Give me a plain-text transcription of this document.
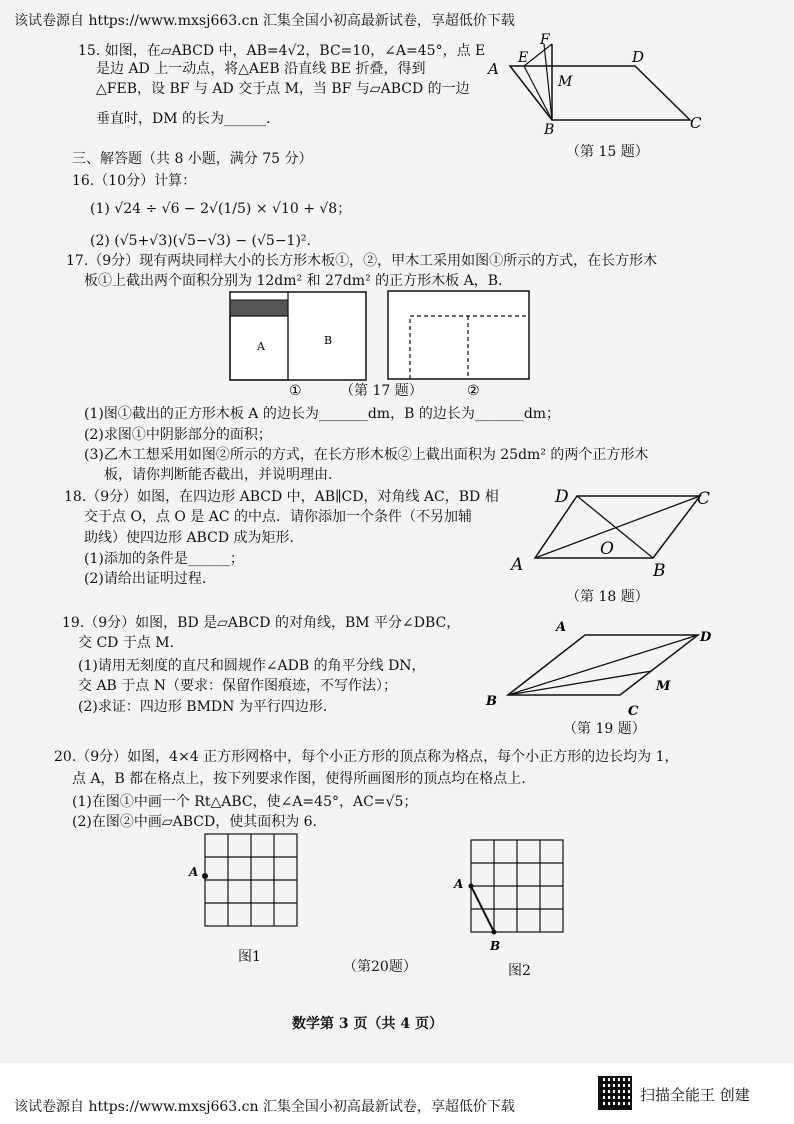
该试卷源自 https://www.mxsj663.cn 汇集全国小初高最新试卷，享超低价下载
15. 如图，在▱ABCD 中，AB=4√2，BC=10，∠A=45°，点 E
是边 AD 上一动点，将△AEB 沿直线 BE 折叠，得到
△FEB，设 BF 与 AD 交于点 M，当 BF 与▱ABCD 的一边
垂直时，DM 的长为______.
A
E
F
M
D
B	C
（第 15 题）
三、解答题（共 8 小题，满分 75 分）
16.（10分）计算：
(1) √24 ÷ √6 − 2√(1/5) × √10 + √8；
(2) (√5+√3)(√5−√3) − (√5−1)².
17.（9分）现有两块同样大小的长方形木板①，②，甲木工采用如图①所示的方式，在长方形木
板①上截出两个面积分别为 12dm² 和 27dm² 的正方形木板 A，B.
A	B
①	②
（第 17 题）
(1)图①截出的正方形木板 A 的边长为_______dm，B 的边长为_______dm；
(2)求图①中阴影部分的面积；
(3)乙木工想采用如图②所示的方式，在长方形木板②上截出面积为 25dm² 的两个正方形木
板，请你判断能否截出，并说明理由.
18.（9分）如图，在四边形 ABCD 中，AB∥CD，对角线 AC，BD 相
交于点 O，点 O 是 AC 的中点．请你添加一个条件（不另加辅
助线）使四边形 ABCD 成为矩形.
(1)添加的条件是______；
(2)请给出证明过程.
A	B
C
D
O
（第 18 题）
19.（9分）如图，BD 是▱ABCD 的对角线，BM 平分∠DBC，
交 CD 于点 M.
(1)请用无刻度的直尺和圆规作∠ADB 的角平分线 DN，
交 AB 于点 N（要求：保留作图痕迹，不写作法）；
(2)求证：四边形 BMDN 为平行四边形.
A
B
C
D
M
（第 19 题）
20.（9分）如图，4×4 正方形网格中，每个小正方形的顶点称为格点，每个小正方形的边长均为 1，
点 A，B 都在格点上，按下列要求作图，使得所画图形的顶点均在格点上.
(1)在图①中画一个 Rt△ABC，使∠A=45°，AC=√5；
(2)在图②中画▱ABCD，使其面积为 6.
A
图1
（第20题）
A
B
图2
数学第 3 页（共 4 页）
该试卷源自 https://www.mxsj663.cn 汇集全国小初高最新试卷，享超低价下载
扫描全能王 创建
